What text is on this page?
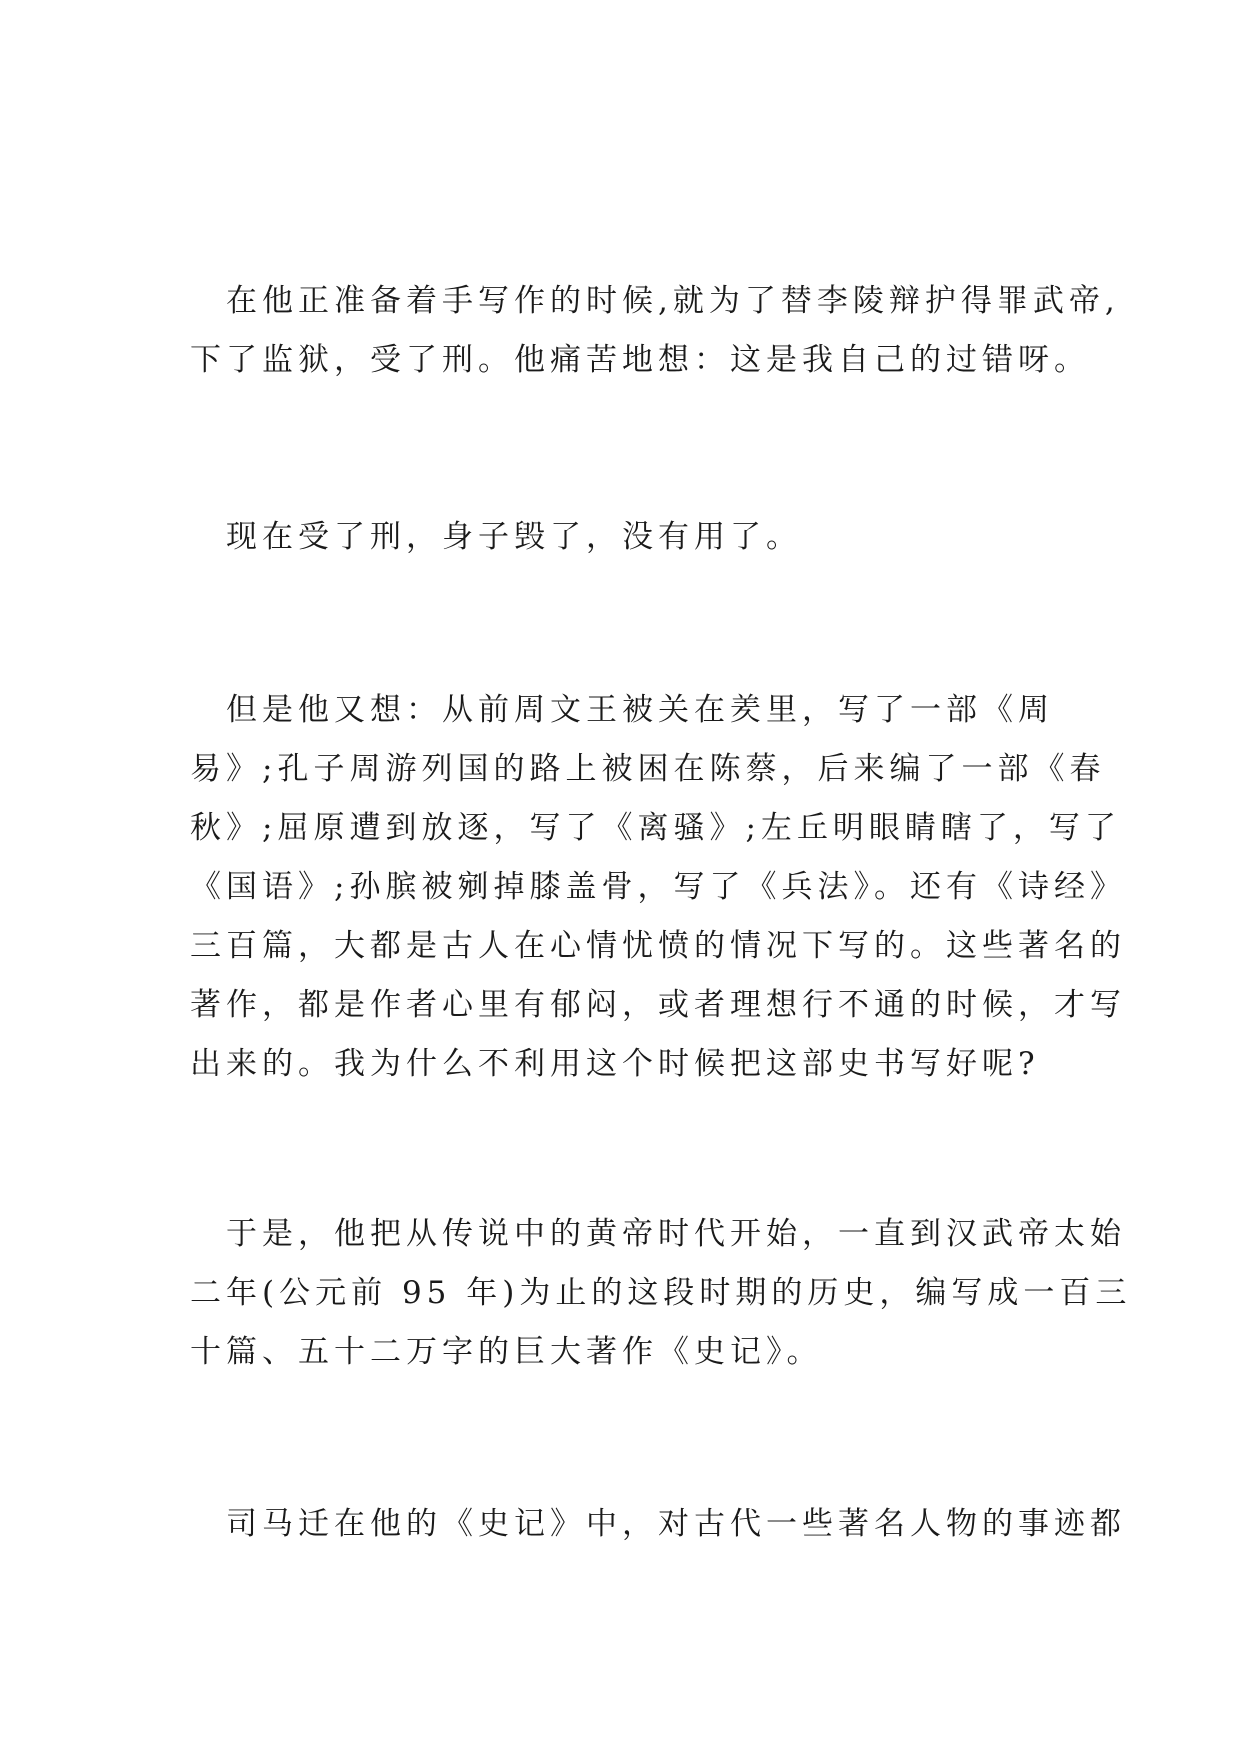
　在他正准备着手写作的时候,就为了替李陵辩护得罪武帝,
下了监狱，受了刑。他痛苦地想：这是我自己的过错呀。
　现在受了刑，身子毁了，没有用了。
　但是他又想：从前周文王被关在羑里，写了一部《周
易》;孔子周游列国的路上被困在陈蔡，后来编了一部《春
秋》;屈原遭到放逐，写了《离骚》;左丘明眼睛瞎了，写了
《国语》;孙膑被剜掉膝盖骨，写了《兵法》。还有《诗经》
三百篇，大都是古人在心情忧愤的情况下写的。这些著名的
著作，都是作者心里有郁闷，或者理想行不通的时候，才写
出来的。我为什么不利用这个时候把这部史书写好呢?
　于是，他把从传说中的黄帝时代开始，一直到汉武帝太始
二年(公元前 95 年)为止的这段时期的历史，编写成一百三
十篇、五十二万字的巨大著作《史记》。
　司马迁在他的《史记》中，对古代一些著名人物的事迹都
